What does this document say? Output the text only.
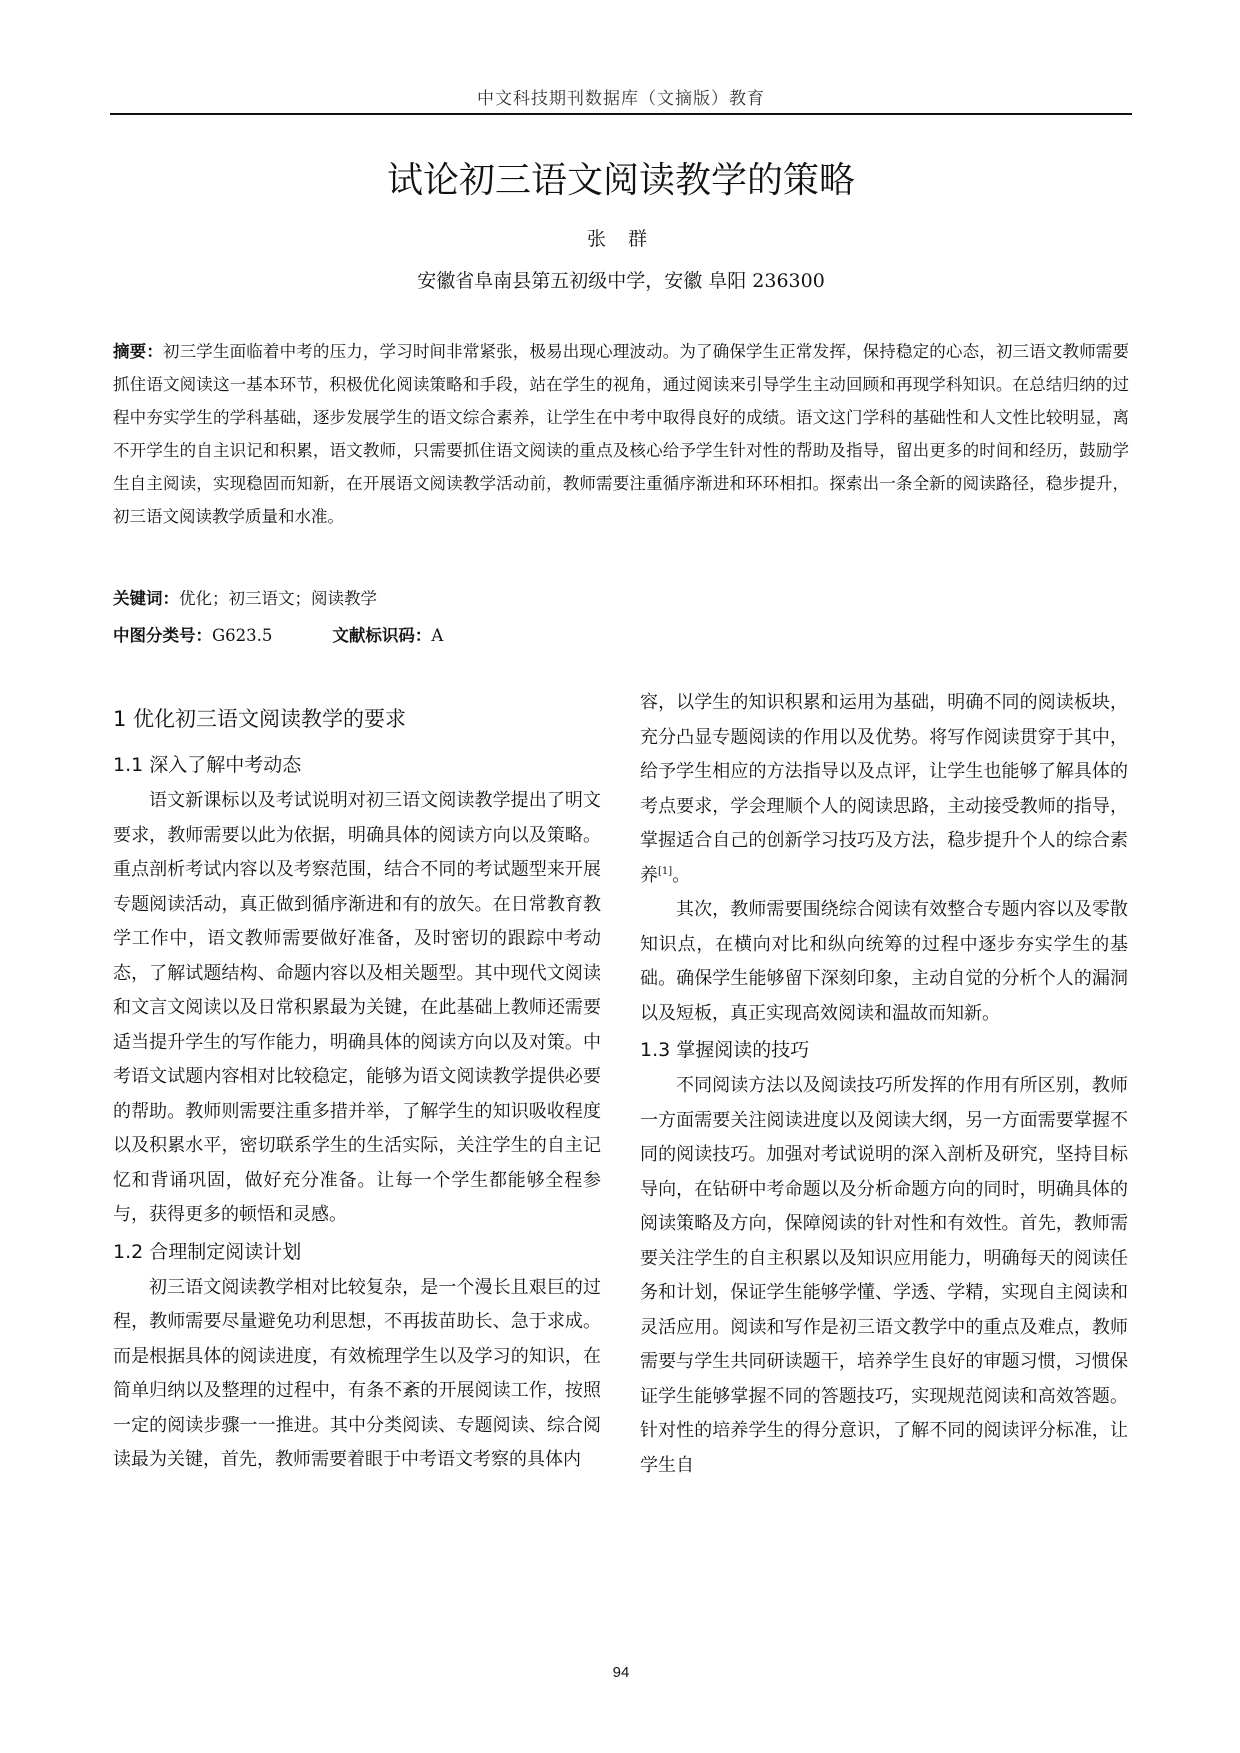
中文科技期刊数据库（文摘版）教育
试论初三语文阅读教学的策略
张 群
安徽省阜南县第五初级中学，安徽 阜阳 236300
摘要：初三学生面临着中考的压力，学习时间非常紧张，极易出现心理波动。为了确保学生正常发挥，保持稳定的心态，初三语文教师需要抓住语文阅读这一基本环节，积极优化阅读策略和手段，站在学生的视角，通过阅读来引导学生主动回顾和再现学科知识。在总结归纳的过程中夯实学生的学科基础，逐步发展学生的语文综合素养，让学生在中考中取得良好的成绩。语文这门学科的基础性和人文性比较明显，离不开学生的自主识记和积累，语文教师，只需要抓住语文阅读的重点及核心给予学生针对性的帮助及指导，留出更多的时间和经历，鼓励学生自主阅读，实现稳固而知新，在开展语文阅读教学活动前，教师需要注重循序渐进和环环相扣。探索出一条全新的阅读路径，稳步提升，初三语文阅读教学质量和水准。
关键词：优化；初三语文；阅读教学
中图分类号：G623.5	文献标识码：A
1 优化初三语文阅读教学的要求
1.1 深入了解中考动态

语文新课标以及考试说明对初三语文阅读教学提出了明文要求，教师需要以此为依据，明确具体的阅读方向以及策略。重点剖析考试内容以及考察范围，结合不同的考试题型来开展专题阅读活动，真正做到循序渐进和有的放矢。在日常教育教学工作中，语文教师需要做好准备，及时密切的跟踪中考动态，了解试题结构、命题内容以及相关题型。其中现代文阅读和文言文阅读以及日常积累最为关键，在此基础上教师还需要适当提升学生的写作能力，明确具体的阅读方向以及对策。中考语文试题内容相对比较稳定，能够为语文阅读教学提供必要的帮助。教师则需要注重多措并举，了解学生的知识吸收程度以及积累水平，密切联系学生的生活实际，关注学生的自主记忆和背诵巩固，做好充分准备。让每一个学生都能够全程参与，获得更多的顿悟和灵感。

1.2 合理制定阅读计划

初三语文阅读教学相对比较复杂，是一个漫长且艰巨的过程，教师需要尽量避免功利思想，不再拔苗助长、急于求成。而是根据具体的阅读进度，有效梳理学生以及学习的知识，在简单归纳以及整理的过程中，有条不紊的开展阅读工作，按照一定的阅读步骤一一推进。其中分类阅读、专题阅读、综合阅读最为关键，首先，教师需要着眼于中考语文考察的具体内

容，以学生的知识积累和运用为基础，明确不同的阅读板块，充分凸显专题阅读的作用以及优势。将写作阅读贯穿于其中，给予学生相应的方法指导以及点评，让学生也能够了解具体的考点要求，学会理顺个人的阅读思路，主动接受教师的指导，掌握适合自己的创新学习技巧及方法，稳步提升个人的综合素养[1]。

其次，教师需要围绕综合阅读有效整合专题内容以及零散知识点，在横向对比和纵向统筹的过程中逐步夯实学生的基础。确保学生能够留下深刻印象，主动自觉的分析个人的漏洞以及短板，真正实现高效阅读和温故而知新。

1.3 掌握阅读的技巧

不同阅读方法以及阅读技巧所发挥的作用有所区别，教师一方面需要关注阅读进度以及阅读大纲，另一方面需要掌握不同的阅读技巧。加强对考试说明的深入剖析及研究，坚持目标导向，在钻研中考命题以及分析命题方向的同时，明确具体的阅读策略及方向，保障阅读的针对性和有效性。首先，教师需要关注学生的自主积累以及知识应用能力，明确每天的阅读任务和计划，保证学生能够学懂、学透、学精，实现自主阅读和灵活应用。阅读和写作是初三语文教学中的重点及难点，教师需要与学生共同研读题干，培养学生良好的审题习惯，习惯保证学生能够掌握不同的答题技巧，实现规范阅读和高效答题。针对性的培养学生的得分意识，了解不同的阅读评分标准，让学生自

94
